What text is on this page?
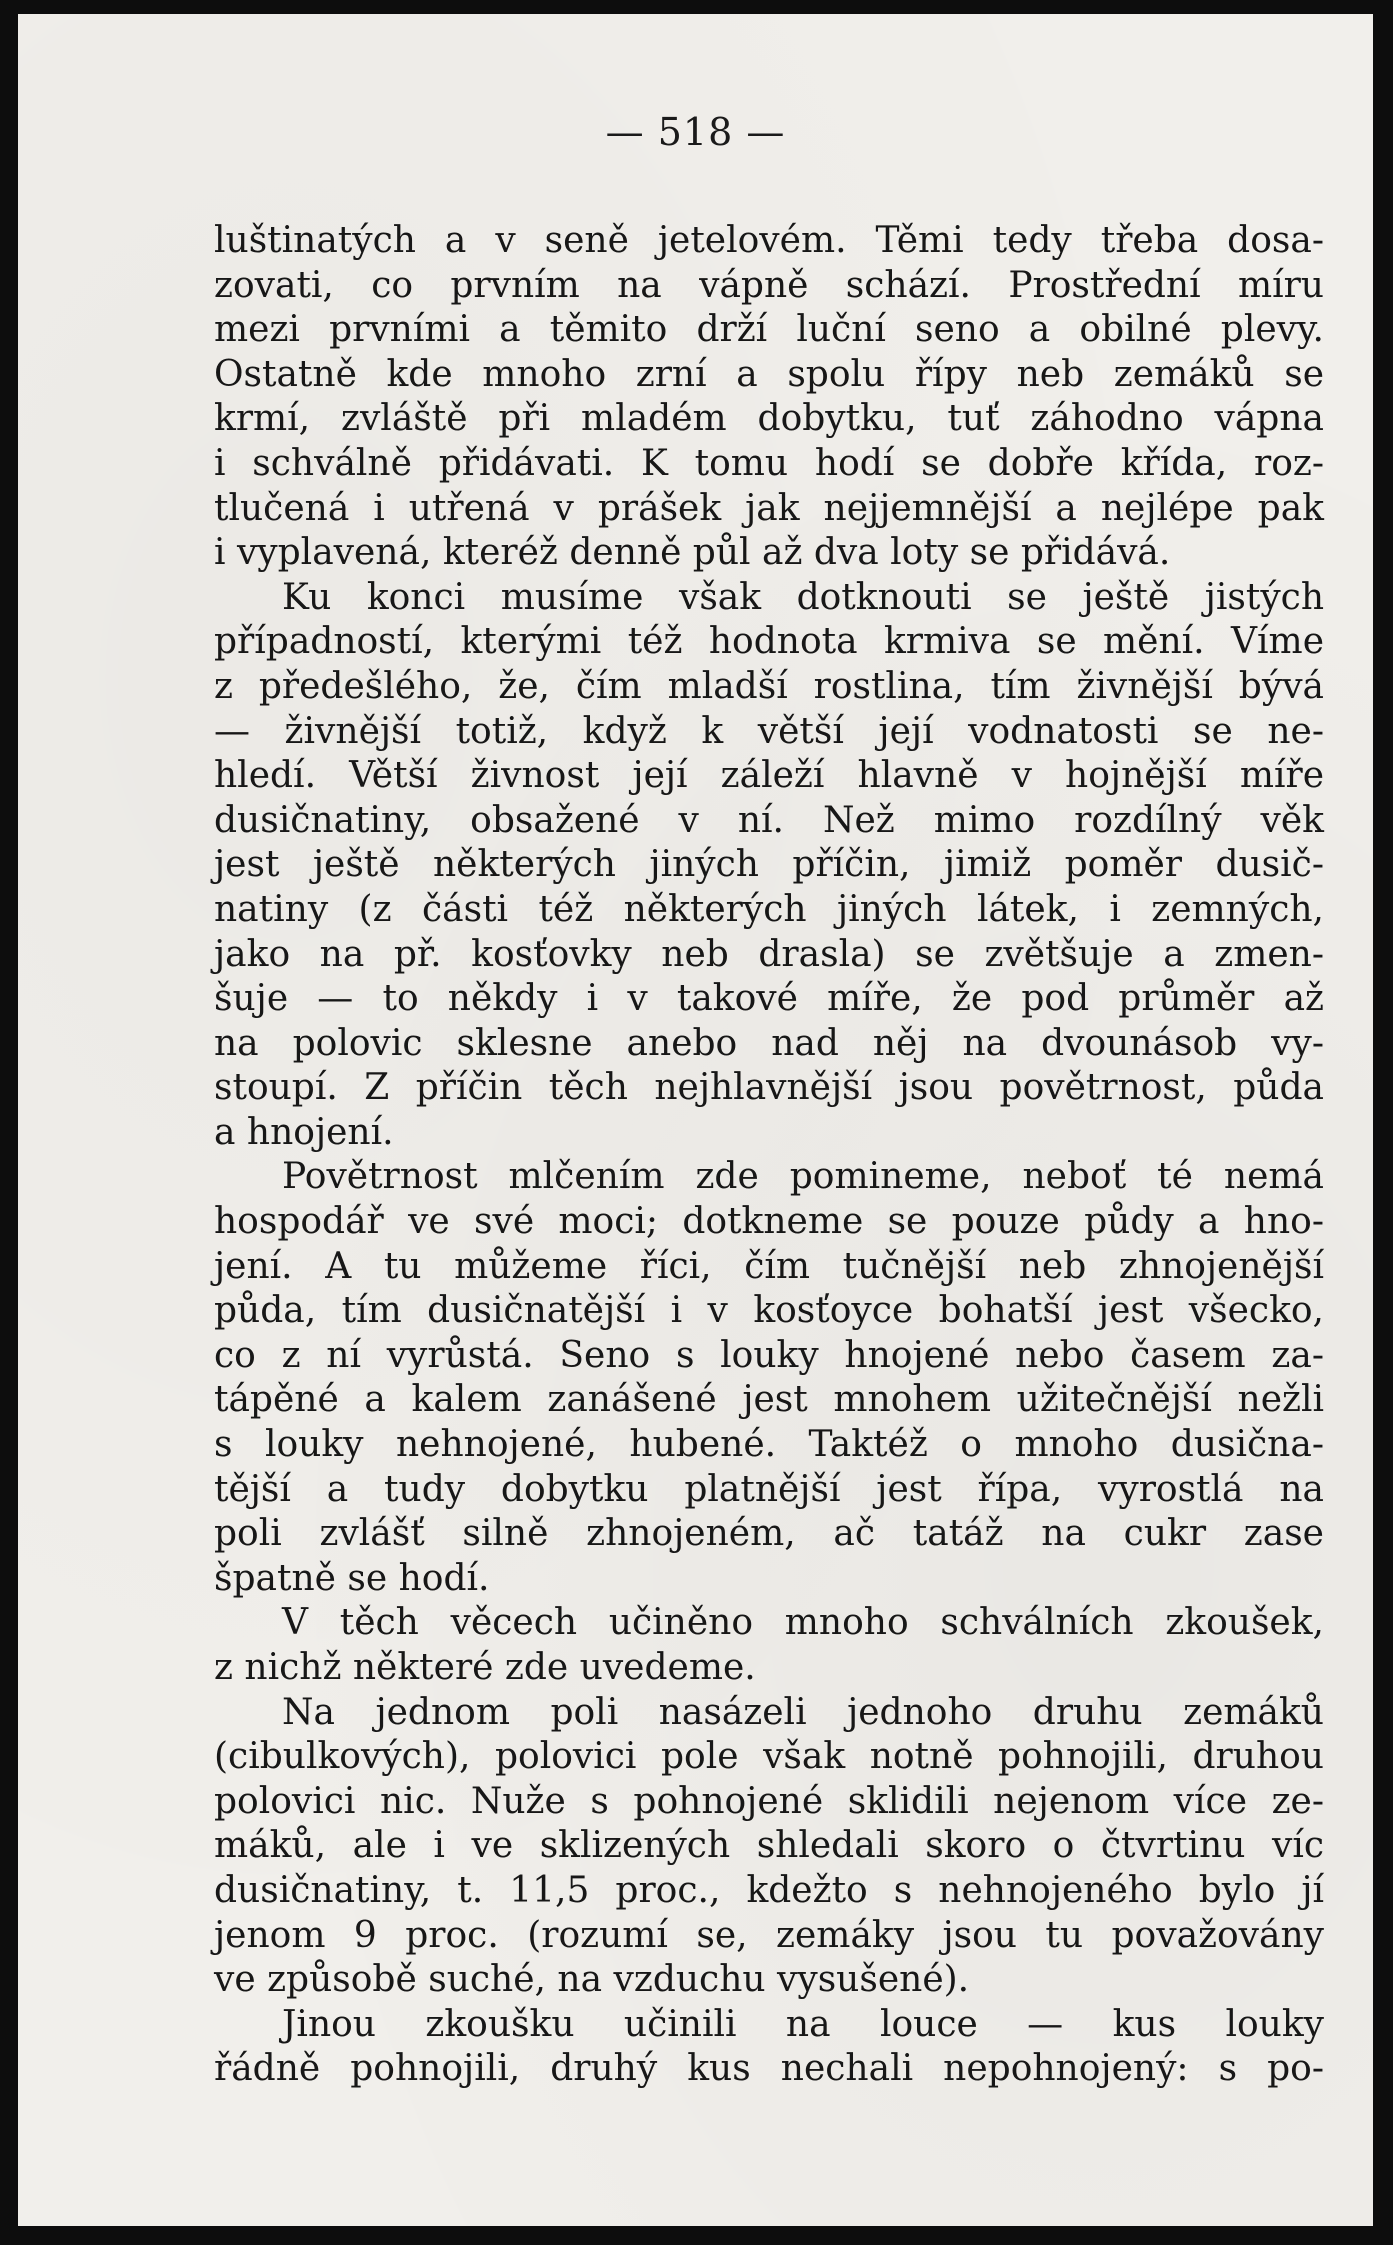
— 518 —
luštinatých a v seně jetelovém. Těmi tedy třeba dosa-
zovati, co prvním na vápně schází. Prostřední míru
mezi prvními a těmito drží luční seno a obilné plevy.
Ostatně kde mnoho zrní a spolu řípy neb zemáků se
krmí, zvláště při mladém dobytku, tuť záhodno vápna
i schválně přidávati. K tomu hodí se dobře křída, roz-
tlučená i utřená v prášek jak nejjemnější a nejlépe pak
i vyplavená, kteréž denně půl až dva loty se přidává.
Ku konci musíme však dotknouti se ještě jistých
případností, kterými též hodnota krmiva se mění. Víme
z předešlého, že, čím mladší rostlina, tím živnější bývá
— živnější totiž, když k větší její vodnatosti se ne-
hledí. Větší živnost její záleží hlavně v hojnější míře
dusičnatiny, obsažené v ní. Než mimo rozdílný věk
jest ještě některých jiných příčin, jimiž poměr dusič-
natiny (z části též některých jiných látek, i zemných,
jako na př. kosťovky neb drasla) se zvětšuje a zmen-
šuje — to někdy i v takové míře, že pod průměr až
na polovic sklesne anebo nad něj na dvounásob vy-
stoupí. Z příčin těch nejhlavnější jsou povětrnost, půda
a hnojení.
Povětrnost mlčením zde pomineme, neboť té nemá
hospodář ve své moci; dotkneme se pouze půdy a hno-
jení. A tu můžeme říci, čím tučnější neb zhnojenější
půda, tím dusičnatější i v kosťoyce bohatší jest všecko,
co z ní vyrůstá. Seno s louky hnojené nebo časem za-
tápěné a kalem zanášené jest mnohem užitečnější nežli
s louky nehnojené, hubené. Taktéž o mnoho dusična-
tější a tudy dobytku platnější jest řípa, vyrostlá na
poli zvlášť silně zhnojeném, ač tatáž na cukr zase
špatně se hodí.
V těch věcech učiněno mnoho schválních zkoušek,
z nichž některé zde uvedeme.
Na jednom poli nasázeli jednoho druhu zemáků
(cibulkových), polovici pole však notně pohnojili, druhou
polovici nic. Nuže s pohnojené sklidili nejenom více ze-
máků, ale i ve sklizených shledali skoro o čtvrtinu víc
dusičnatiny, t. 11,5 proc., kdežto s nehnojeného bylo jí
jenom 9 proc. (rozumí se, zemáky jsou tu považovány
ve způsobě suché, na vzduchu vysušené).
Jinou zkoušku učinili na louce — kus louky
řádně pohnojili, druhý kus nechali nepohnojený: s po-
